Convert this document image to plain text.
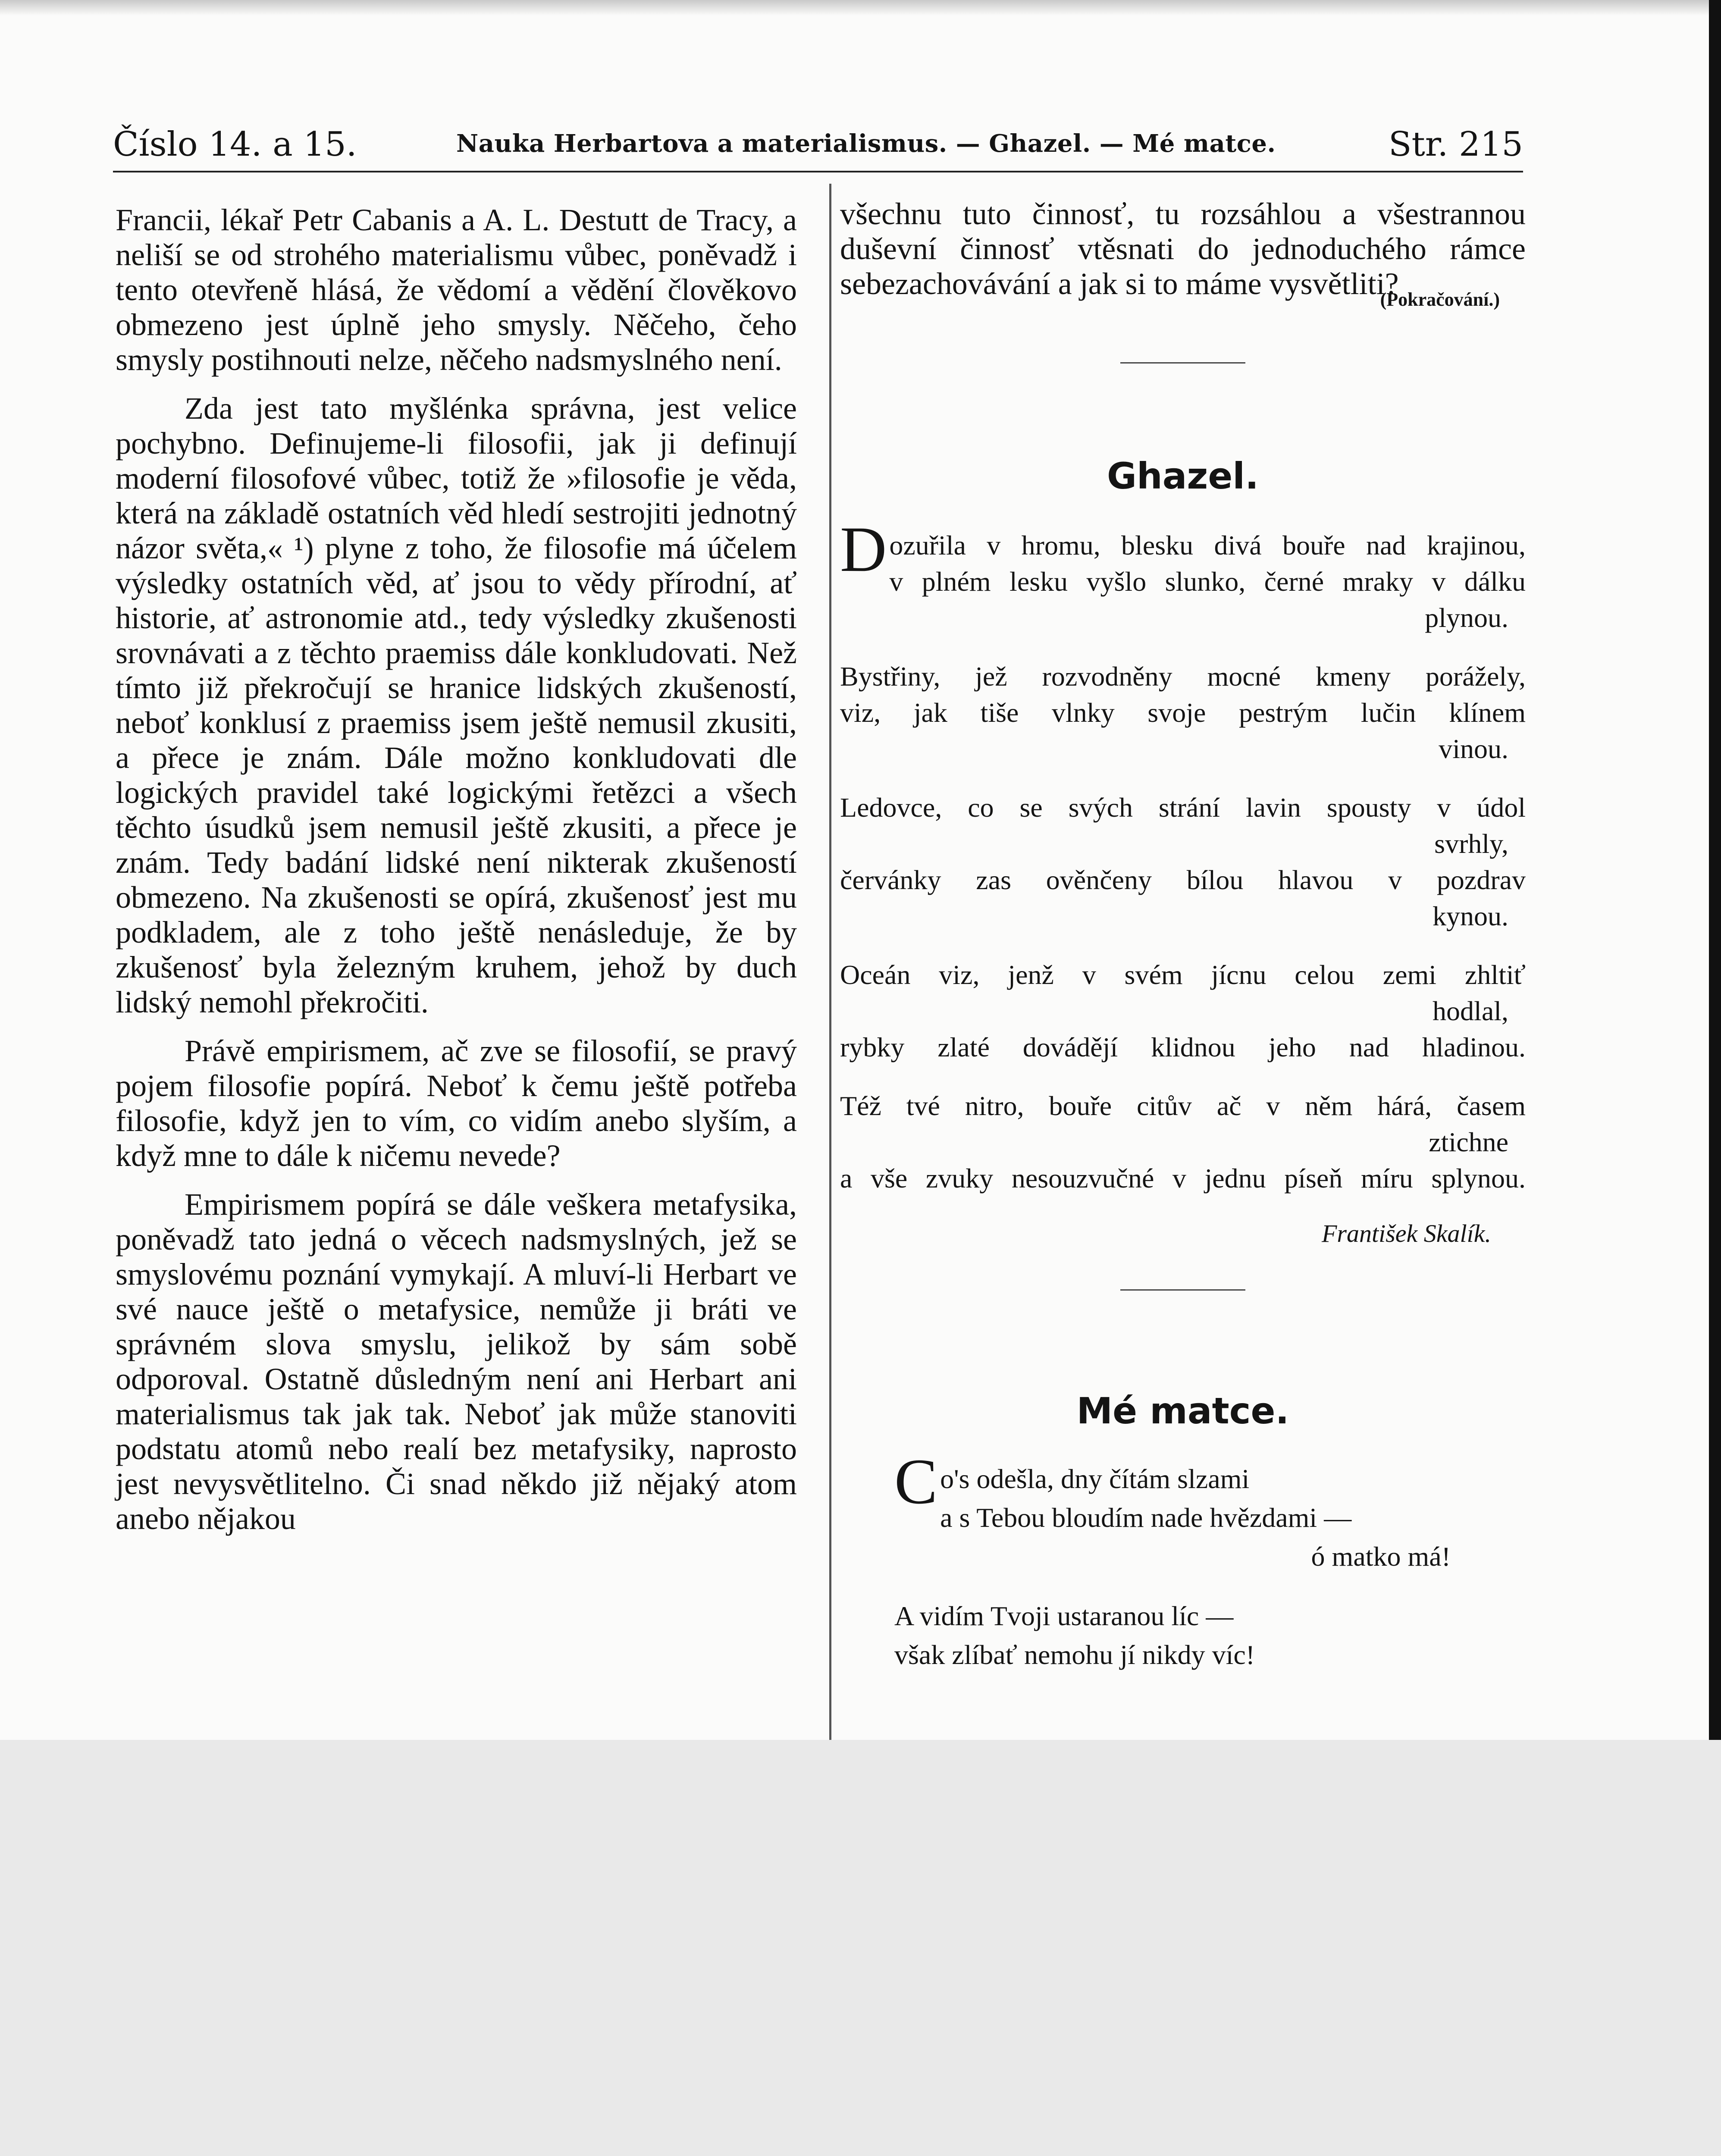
Číslo 14. a 15.	Nauka Herbartova a materialismus. — Ghazel. — Mé matce.	Str. 215

Francii, lékař Petr Cabanis a A. L. Destutt de Tracy, a neliší se od strohého materialismu vůbec, poněvadž i tento otevřeně hlásá, že vědomí a vědění člověkovo obmezeno jest úplně jeho smysly. Něčeho, čeho smysly postihnouti nelze, něčeho nadsmyslného není.

Zda jest tato myšlénka správna, jest velice pochybno. Definujeme-li filosofii, jak ji definují moderní filosofové vůbec, totiž že »filosofie je věda, která na základě ostatních věd hledí sestrojiti jednotný názor světa,« ¹) plyne z toho, že filosofie má účelem výsledky ostatních věd, ať jsou to vědy přírodní, ať historie, ať astronomie atd., tedy výsledky zkušenosti srovnávati a z těchto praemiss dále konkludovati. Než tímto již překročují se hranice lidských zkušeností, neboť konklusí z praemiss jsem ještě nemusil zkusiti, a přece je znám. Dále možno konkludovati dle logických pravidel také logickými řetězci a všech těchto úsudků jsem nemusil ještě zkusiti, a přece je znám. Tedy badání lidské není nikterak zkušeností obmezeno. Na zkušenosti se opírá, zkušenosť jest mu podkladem, ale z toho ještě nenásleduje, že by zkušenosť byla železným kruhem, jehož by duch lidský nemohl překročiti.

Právě empirismem, ač zve se filosofií, se pravý pojem filosofie popírá. Neboť k čemu ještě potřeba filosofie, když jen to vím, co vidím anebo slyším, a když mne to dále k ničemu nevede?

Empirismem popírá se dále veškera metafysika, poněvadž tato jedná o věcech nadsmyslných, jež se smyslovému poznání vymykají. A mluví-li Herbart ve své nauce ještě o metafysice, nemůže ji bráti ve správném slova smyslu, jelikož by sám sobě odporoval. Ostatně důsledným není ani Herbart ani materialismus tak jak tak. Neboť jak může stanoviti podstatu atomů nebo realí bez metafysiky, naprosto jest nevysvětlitelno. Či snad někdo již nějaký atom anebo nějakou

všechnu tuto činnosť, tu rozsáhlou a všestrannou duševní činnosť vtěsnati do jednoduchého rámce sebezachovávání a jak si to máme vysvětliti?

(Pokračování.)

Ghazel.

Dozuřila v hromu, blesku divá bouře nad krajinou,

v plném lesku vyšlo slunko, černé mraky v dálku

plynou.

Bystřiny, jež rozvodněny mocné kmeny porážely,

viz, jak tiše vlnky svoje pestrým lučin klínem

vinou.

Ledovce, co se svých strání lavin spousty v údol

svrhly,

červánky zas ověnčeny bílou hlavou v pozdrav

kynou.

Oceán viz, jenž v svém jícnu celou zemi zhltiť

hodlal,

rybky zlaté dovádějí klidnou jeho nad hladinou.

Též tvé nitro, bouře citův ač v něm hárá, časem

ztichne

a vše zvuky nesouzvučné v jednu píseň míru splynou.

František Skalík.

Mé matce.

Co's odešla, dny čítám slzami

a s Tebou bloudím nade hvězdami —

ó matko má!

A vidím Tvoji ustaranou líc —

však zlíbať nemohu jí nikdy víc!
